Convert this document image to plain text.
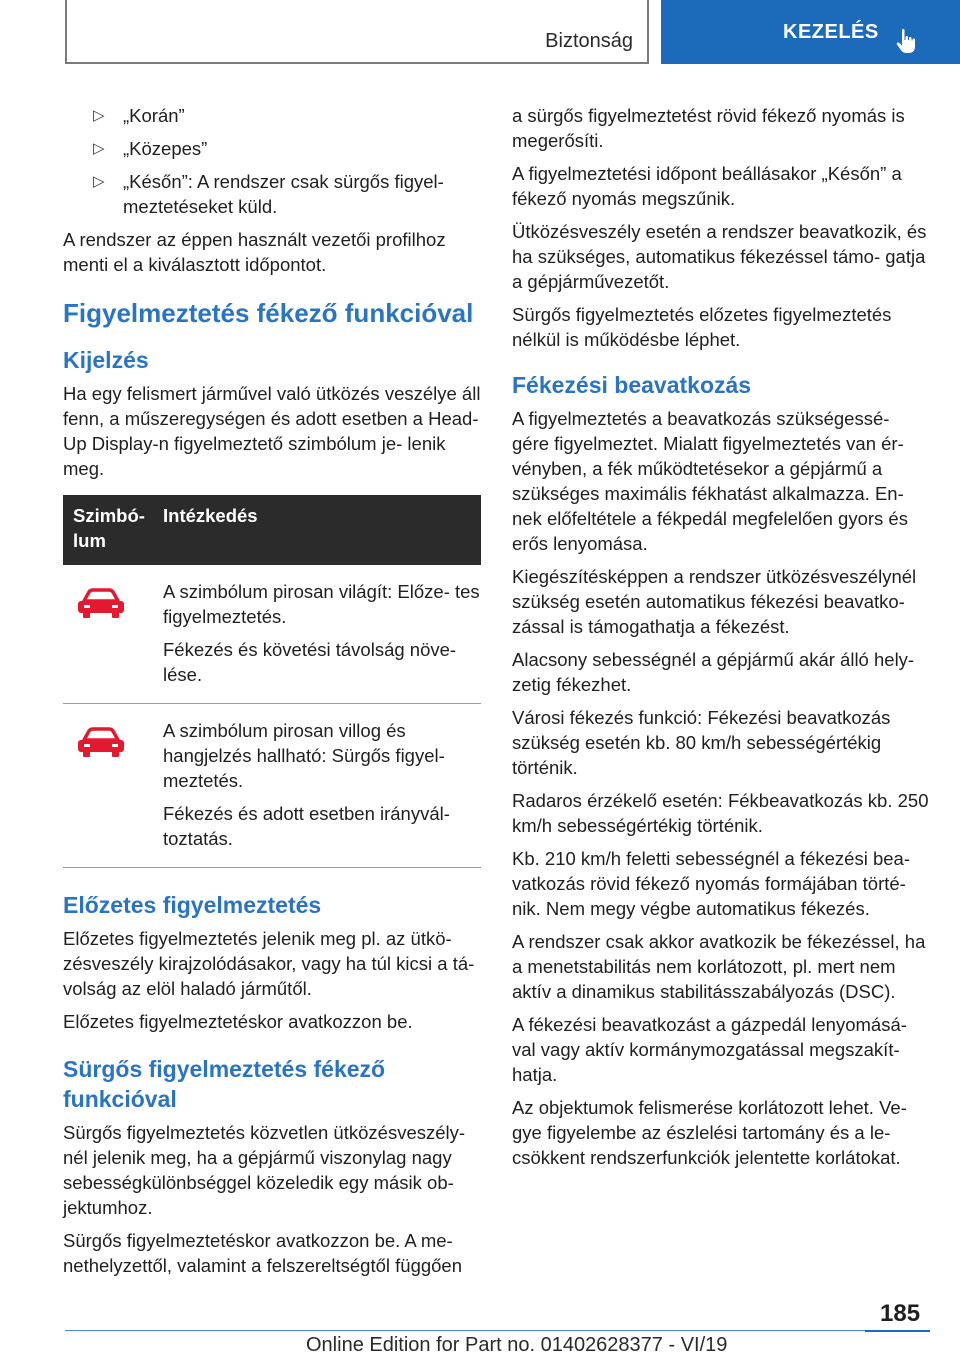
Biztonság	KEZELÉS
▷ „Korán”
▷ „Közepes”
▷ „Későn”: A rendszer csak sürgős figyel- meztetéseket küld.

A rendszer az éppen használt vezetői profilhoz menti el a kiválasztott időpontot.

Figyelmeztetés fékező funkcióval
Kijelzés

Ha egy felismert járművel való ütközés veszélye áll fenn, a műszeregységen és adott esetben a Head-Up Display-n figyelmeztető szimbólum je- lenik meg.

Szimbó- lum
Intézkedés

A szimbólum pirosan világít: Előze- tes figyelmeztetés.

Fékezés és követési távolság növe- lése.

A szimbólum pirosan villog és hangjelzés hallható: Sürgős figyel- meztetés.

Fékezés és adott esetben irányvál- toztatás.

Előzetes figyelmeztetés

Előzetes figyelmeztetés jelenik meg pl. az ütkö- zésveszély kirajzolódásakor, vagy ha túl kicsi a tá- volság az elöl haladó járműtől.

Előzetes figyelmeztetéskor avatkozzon be.

Sürgős figyelmeztetés fékező funkcióval

Sürgős figyelmeztetés közvetlen ütközésveszély- nél jelenik meg, ha a gépjármű viszonylag nagy sebességkülönbséggel közeledik egy másik ob- jektumhoz.

Sürgős figyelmeztetéskor avatkozzon be. A me- nethelyzettől, valamint a felszereltségtől függően

a sürgős figyelmeztetést rövid fékező nyomás is megerősíti.

A figyelmeztetési időpont beállásakor „Későn” a fékező nyomás megszűnik.

Ütközésveszély esetén a rendszer beavatkozik, és ha szükséges, automatikus fékezéssel támo- gatja a gépjárművezetőt.

Sürgős figyelmeztetés előzetes figyelmeztetés nélkül is működésbe léphet.

Fékezési beavatkozás

A figyelmeztetés a beavatkozás szükségessé- gére figyelmeztet. Mialatt figyelmeztetés van ér- vényben, a fék működtetésekor a gépjármű a szükséges maximális fékhatást alkalmazza. En- nek előfeltétele a fékpedál megfelelően gyors és erős lenyomása.

Kiegészítésképpen a rendszer ütközésveszélynél szükség esetén automatikus fékezési beavatko- zással is támogathatja a fékezést.

Alacsony sebességnél a gépjármű akár álló hely- zetig fékezhet.

Városi fékezés funkció: Fékezési beavatkozás szükség esetén kb. 80 km/h sebességértékig történik.

Radaros érzékelő esetén: Fékbeavatkozás kb. 250 km/h sebességértékig történik.

Kb. 210 km/h feletti sebességnél a fékezési bea- vatkozás rövid fékező nyomás formájában törté- nik. Nem megy végbe automatikus fékezés.

A rendszer csak akkor avatkozik be fékezéssel, ha a menetstabilitás nem korlátozott, pl. mert nem aktív a dinamikus stabilitásszabályozás (DSC).

A fékezési beavatkozást a gázpedál lenyomásá- val vagy aktív kormánymozgatással megszakít- hatja.

Az objektumok felismerése korlátozott lehet. Ve- gye figyelembe az észlelési tartomány és a le- csökkent rendszerfunkciók jelentette korlátokat.

185
Online Edition for Part no. 01402628377 - VI/19
